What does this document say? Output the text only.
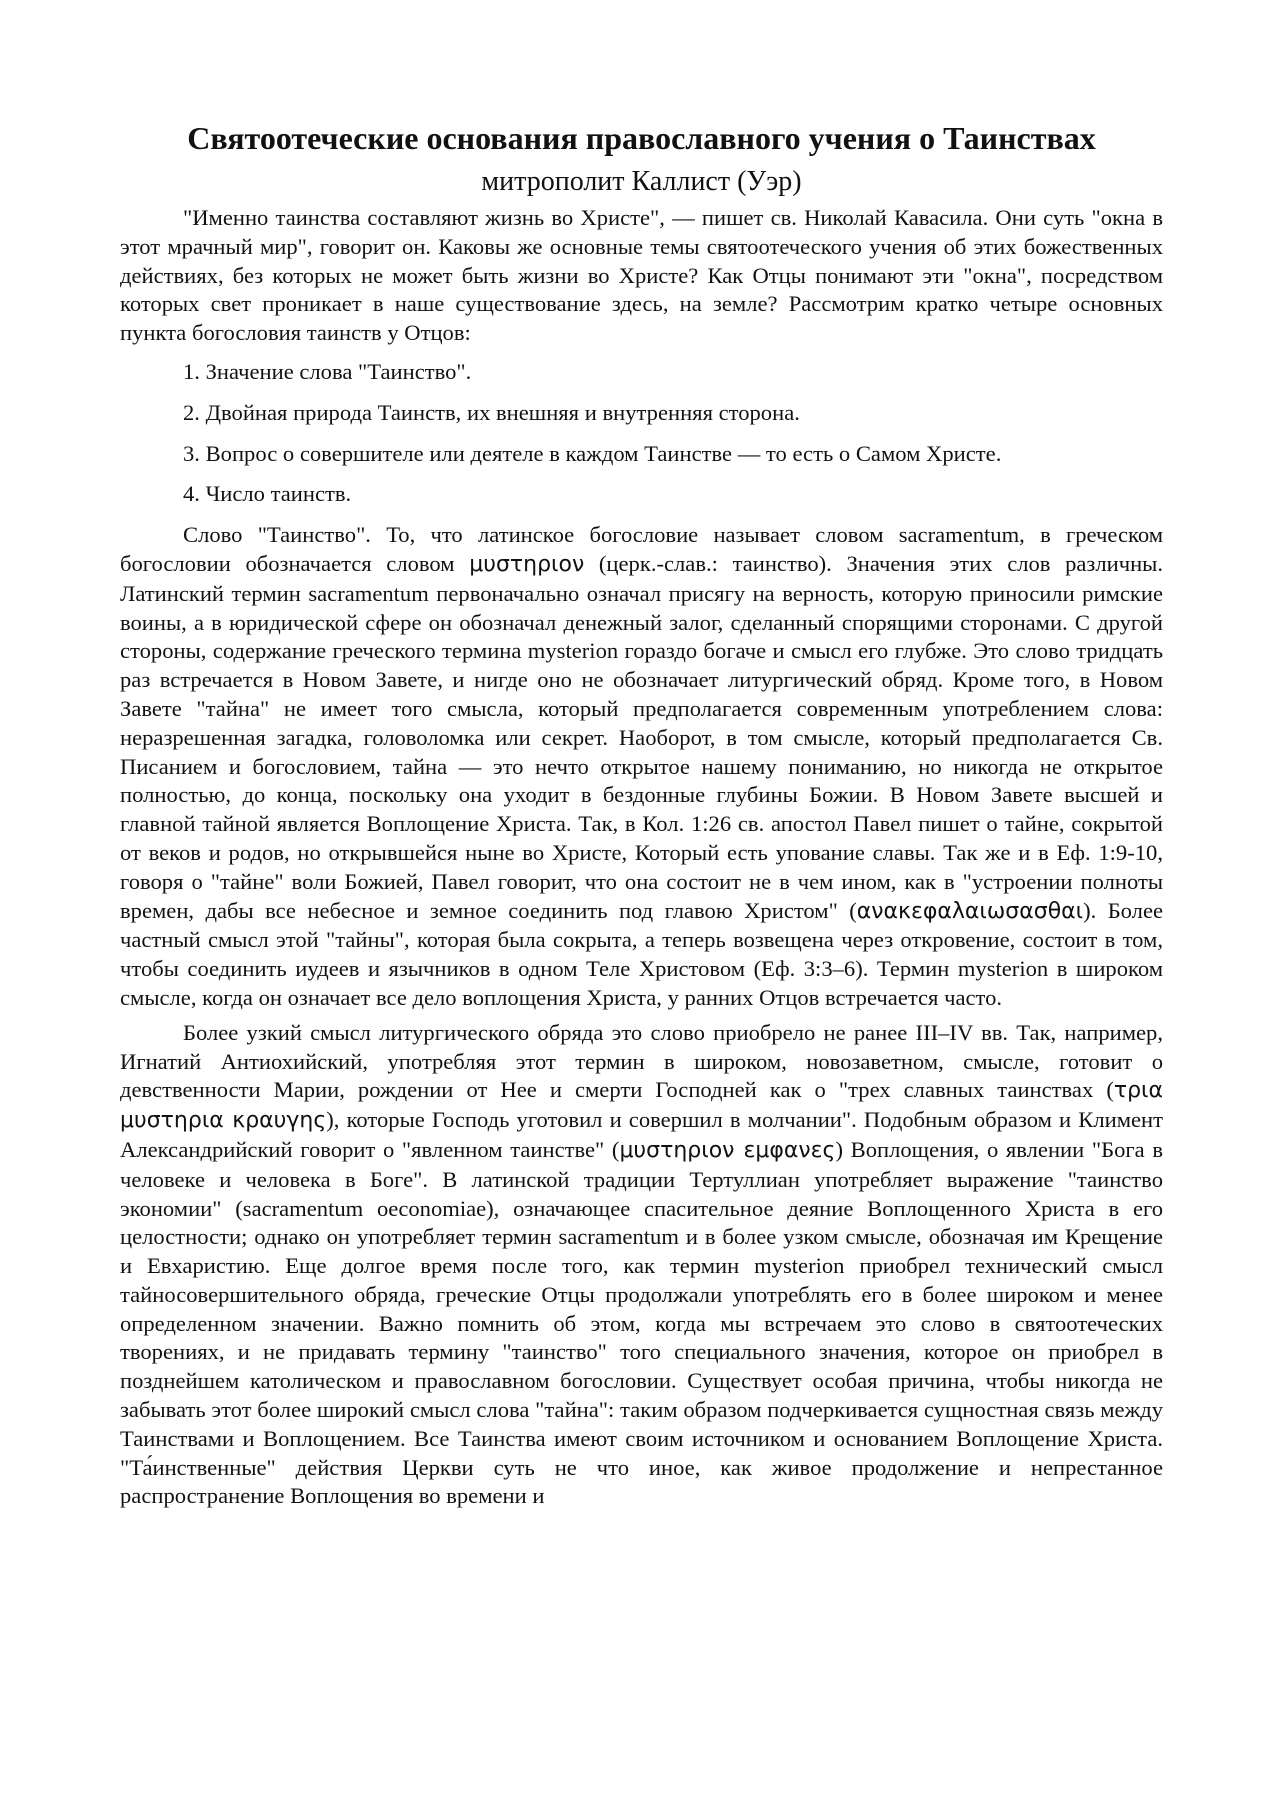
Святоотеческие основания православного учения о Таинствах
митрополит Каллист (Уэр)

"Именно таинства составляют жизнь во Христе", — пишет св. Николай Кавасила. Они суть "окна в этот мрачный мир", говорит он. Каковы же основные темы святоотеческого учения об этих божественных действиях, без которых не может быть жизни во Христе? Как Отцы понимают эти "окна", посредством которых свет проникает в наше существование здесь, на земле? Рассмотрим кратко четыре основных пункта богословия таинств у Отцов:

1. Значение слова "Таинство".
2. Двойная природа Таинств, их внешняя и внутренняя сторона.
3. Вопрос о совершителе или деятеле в каждом Таинстве — то есть о Самом Христе.
4. Число таинств.

Слово "Таинство". То, что латинское богословие называет словом sacramentum, в греческом богословии обозначается словом μυστηριον (церк.-слав.: таинство). Значения этих слов различны. Латинский термин sacramentum первоначально означал присягу на верность, которую приносили римские воины, а в юридической сфере он обозначал денежный залог, сделанный спорящими сторонами. С другой стороны, содержание греческого термина mysterion гораздо богаче и смысл его глубже. Это слово тридцать раз встречается в Новом Завете, и нигде оно не обозначает литургический обряд. Кроме того, в Новом Завете "тайна" не имеет того смысла, который предполагается современным употреблением слова: неразрешенная загадка, головоломка или секрет. Наоборот, в том смысле, который предполагается Св. Писанием и богословием, тайна — это нечто открытое нашему пониманию, но никогда не открытое полностью, до конца, поскольку она уходит в бездонные глубины Божии. В Новом Завете высшей и главной тайной является Воплощение Христа. Так, в Кол. 1:26 св. апостол Павел пишет о тайне, сокрытой от веков и родов, но открывшейся ныне во Христе, Который есть упование славы. Так же и в Еф. 1:9-10, говоря о "тайне" воли Божией, Павел говорит, что она состоит не в чем ином, как в "устроении полноты времен, дабы все небесное и земное соединить под главою Христом" (ανακεφαλαιωσασθαι). Более частный смысл этой "тайны", которая была сокрыта, а теперь возвещена через откровение, состоит в том, чтобы соединить иудеев и язычников в одном Теле Христовом (Еф. 3:3–6). Термин mysterion в широком смысле, когда он означает все дело воплощения Христа, у ранних Отцов встречается часто.

Более узкий смысл литургического обряда это слово приобрело не ранее III–IV вв. Так, например, Игнатий Антиохийский, употребляя этот термин в широком, новозаветном, смысле, готовит о девственности Марии, рождении от Нее и смерти Господней как о "трех славных таинствах (τρια μυστηρια κραυγης), которые Господь уготовил и совершил в молчании". Подобным образом и Климент Александрийский говорит о "явленном таинстве" (μυστηριον εμφανες) Воплощения, о явлении "Бога в человеке и человека в Боге". В латинской традиции Тертуллиан употребляет выражение "таинство экономии" (sacramentum oeconomiae), означающее спасительное деяние Воплощенного Христа в его целостности; однако он употребляет термин sacramentum и в более узком смысле, обозначая им Крещение и Евхаристию. Еще долгое время после того, как термин mysterion приобрел технический смысл тайносовершительного обряда, греческие Отцы продолжали употреблять его в более широком и менее определенном значении. Важно помнить об этом, когда мы встречаем это слово в святоотеческих творениях, и не придавать термину "таинство" того специального значения, которое он приобрел в позднейшем католическом и православном богословии. Существует особая причина, чтобы никогда не забывать этот более широкий смысл слова "тайна": таким образом подчеркивается сущностная связь между Таинствами и Воплощением. Все Таинства имеют своим источником и основанием Воплощение Христа. "Та́инственные" действия Церкви суть не что иное, как живое продолжение и непрестанное распространение Воплощения во времени и
